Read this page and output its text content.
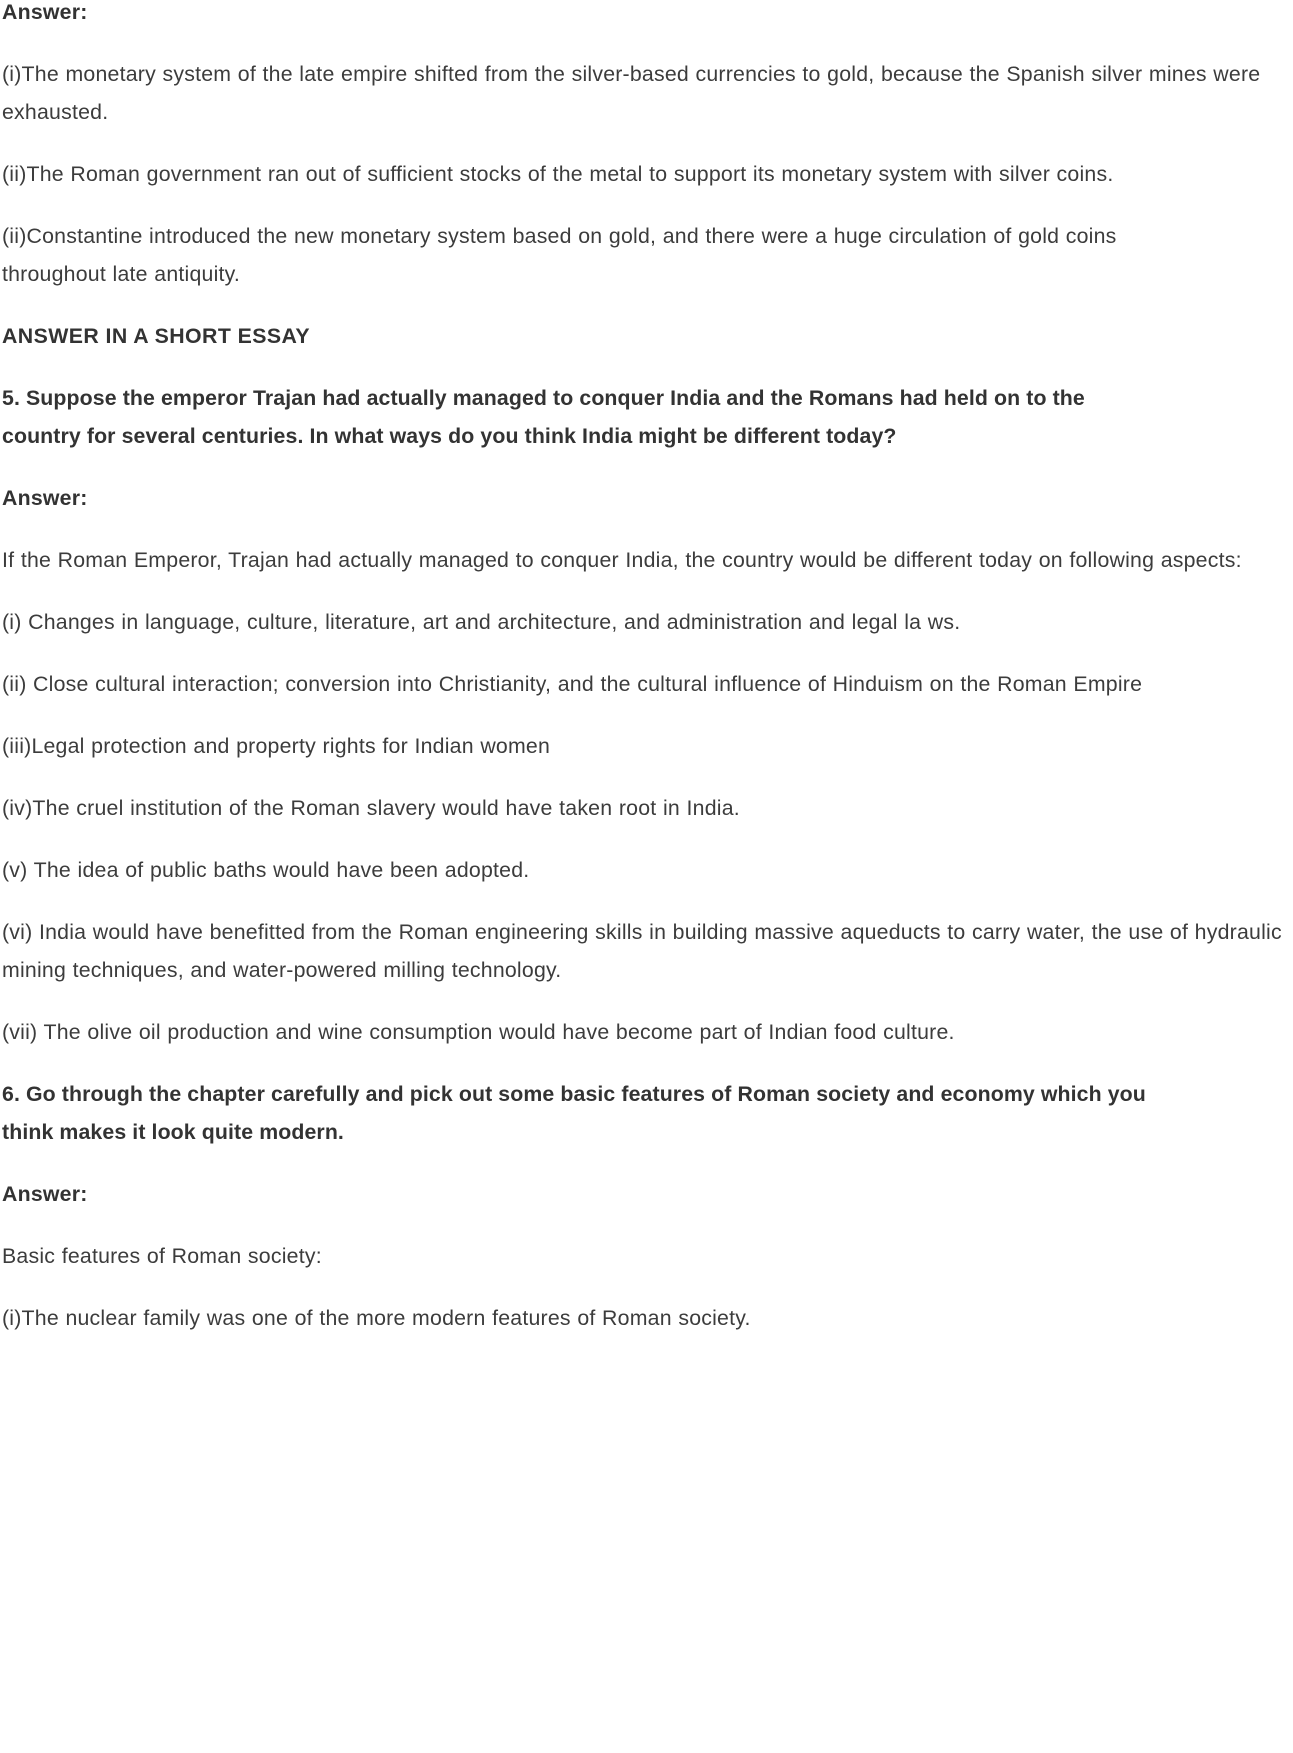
Answer:

(i)The monetary system of the late empire shifted from the silver-based currencies to gold, because the Spanish silver mines were exhausted.

(ii)The Roman government ran out of sufficient stocks of the metal to support its monetary system with silver coins.

(ii)Constantine introduced the new monetary system based on gold, and there were a huge circulation of gold coins throughout late antiquity.

ANSWER IN A SHORT ESSAY

5. Suppose the emperor Trajan had actually managed to conquer India and the Romans had held on to the country for several centuries. In what ways do you think India might be different today?

Answer:

If the Roman Emperor, Trajan had actually managed to conquer India, the country would be different today on following aspects:

(i) Changes in language, culture, literature, art and architecture, and administration and legal la ws.

(ii) Close cultural interaction; conversion into Christianity, and the cultural influence of Hinduism on the Roman Empire

(iii)Legal protection and property rights for Indian women

(iv)The cruel institution of the Roman slavery would have taken root in India.

(v) The idea of public baths would have been adopted.

(vi) India would have benefitted from the Roman engineering skills in building massive aqueducts to carry water, the use of hydraulic mining techniques, and water-powered milling technology.

(vii) The olive oil production and wine consumption would have become part of Indian food culture.

6. Go through the chapter carefully and pick out some basic features of Roman society and economy which you think makes it look quite modern.

Answer:

Basic features of Roman society:

(i)The nuclear family was one of the more modern features of Roman society.
